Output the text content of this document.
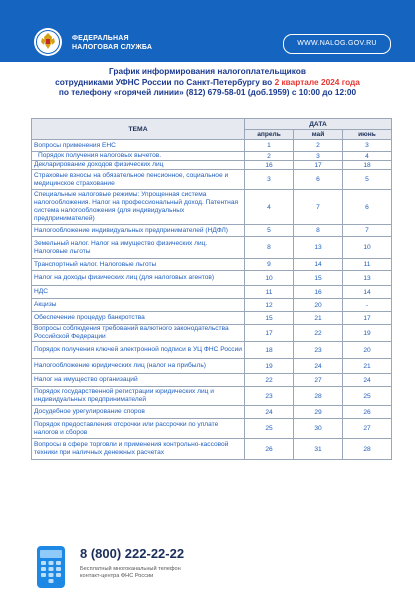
ФЕДЕРАЛЬНАЯ
НАЛОГОВАЯ СЛУЖБА
WWW.NALOG.GOV.RU
График информирования налогоплательщиков
сотрудниками УФНС России по Санкт-Петербургу во 2 квартале 2024 года
по телефону «горячей линии» (812) 679-58-01 (доб.1959) с 10:00 до 12:00
ТЕМА	ДАТА		
	апрель	май	июнь
Вопросы применения ЕНС	1	2	3
Порядок получения налоговых вычетов.	2	3	4
Декларирование доходов физических лиц	16	17	18
Страховые взносы на обязательное пенсионное, социальное и медицинское страхование	3	6	5
Специальные налоговые режимы: Упрощенная система налогообложения. Налог на профессиональный доход. Патентная система налогообложения (для индивидуальных предпринимателей)	4	7	6
Налогообложение индивидуальных предпринимателей (НДФЛ)	5	8	7
Земельный налог. Налог на имущество физических лиц. Налоговые льготы	8	13	10
Транспортный налог. Налоговые льготы	9	14	11
Налог на доходы физических лиц (для налоговых агентов)	10	15	13
НДС	11	16	14
Акцизы	12	20	-
Обеспечение процедур банкротства	15	21	17
Вопросы соблюдения требований валютного законодательства Российской Федерации	17	22	19
Порядок получения ключей электронной подписи в УЦ ФНС России	18	23	20
Налогообложение юридических лиц (налог на прибыль)	19	24	21
Налог на имущество организаций	22	27	24
Порядок государственной регистрации юридических лиц и индивидуальных предпринимателей	23	28	25
Досудебное урегулирование споров	24	29	26
Порядок предоставления отсрочки или рассрочки по уплате налогов и сборов	25	30	27
Вопросы в сфере торговли и применения контрольно-кассовой техники при наличных денежных расчетах	26	31	28
8 (800) 222-22-22
Бесплатный многоканальный телефон
контакт-центра ФНС России
